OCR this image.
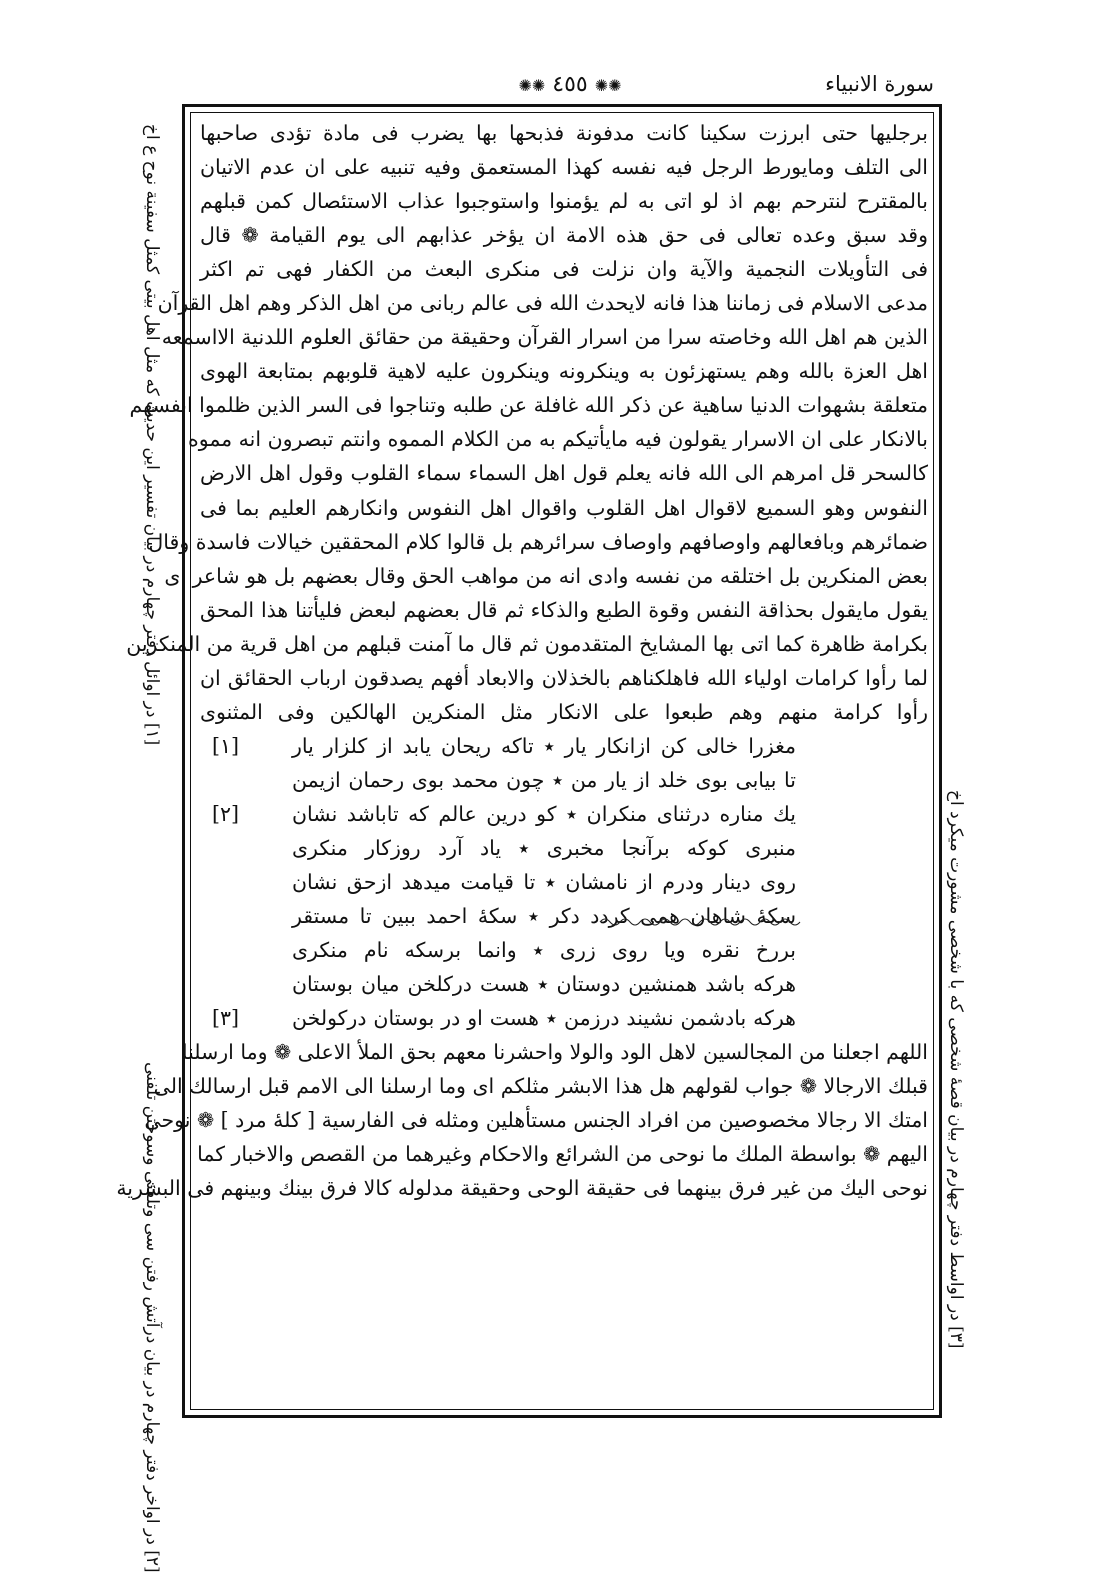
سورة الانبياء
✺✺ ٤٥٥ ✺✺
برجليها حتى ابرزت سكينا كانت مدفونة فذبحها بها يضرب فى مادة تؤدى صاحبها
الى التلف ومايورط الرجل فيه نفسه كهذا المستعمق وفيه تنبيه على ان عدم الاتيان
بالمقترح لنترحم بهم اذ لو اتى به لم يؤمنوا واستوجبوا عذاب الاستئصال كمن قبلهم
وقد سبق وعده تعالى فى حق هذه الامة ان يؤخر عذابهم الى يوم القيامة ❁ قال
فى التأويلات النجمية والآية وان نزلت فى منكرى البعث من الكفار فهى تم اكثر
مدعى الاسلام فى زماننا هذا فانه لايحدث الله فى عالم ربانى من اهل الذكر وهم اهل القرآن
الذين هم اهل الله وخاصته سرا من اسرار القرآن وحقيقة من حقائق العلوم اللدنية الااسمعه
اهل العزة بالله وهم يستهزئون به وينكرونه وينكرون عليه لاهية قلوبهم بمتابعة الهوى
متعلقة بشهوات الدنيا ساهية عن ذكر الله غافلة عن طلبه وتناجوا فى السر الذين ظلموا انفسهم
بالانكار على ان الاسرار يقولون فيه مايأتيكم به من الكلام المموه وانتم تبصرون انه مموه
كالسحر قل امرهم الى الله فانه يعلم قول اهل السماء سماء القلوب وقول اهل الارض
النفوس وهو السميع لاقوال اهل القلوب واقوال اهل النفوس وانكارهم العليم بما فى
ضمائرهم وبافعالهم واوصافهم واوصاف سرائرهم بل قالوا كلام المحققين خيالات فاسدة وقال
بعض المنكرين بل اختلقه من نفسه وادى انه من مواهب الحق وقال بعضهم بل هو شاعر اى
يقول مايقول بحذاقة النفس وقوة الطبع والذكاء ثم قال بعضهم لبعض فليأتنا هذا المحق
بكرامة ظاهرة كما اتى بها المشايخ المتقدمون ثم قال ما آمنت قبلهم من اهل قرية من المنكرين
لما رأوا كرامات اولياء الله فاهلكناهم بالخذلان والابعاد أفهم يصدقون ارباب الحقائق ان
رأوا كرامة منهم وهم طبعوا على الانكار مثل المنكرين الهالكين وفى المثنوى
مغزرا خالى كن ازانكار يار ٭ تاكه ريحان يابد از كلزار يار
[١]
تا بيابى بوى خلد از يار من ٭ چون محمد بوى رحمان ازيمن
يك مناره درثناى منكران ٭ كو درين عالم كه تاباشد نشان
[٢]
منبرى كوكه برآنجا مخبرى ٭ ياد آرد روزكار منكرى
روى دينار ودرم از نامشان ٭ تا قيامت ميدهد ازحق نشان
سكهٔ شاهان همى كردد دكر ٭ سكهٔ احمد ببين تا مستقر
بررخ نقره ويا روى زرى ٭ وانما برسكه نام منكرى
هركه باشد همنشين دوستان ٭ هست دركلخن ميان بوستان
هركه بادشمن نشيند درزمن ٭ هست او در بوستان دركولخن
[٣]
اللهم اجعلنا من المجالسين لاهل الود والولا واحشرنا معهم بحق الملأ الاعلى ❁ وما ارسلنا
قبلك الارجالا ❁ جواب لقولهم هل هذا الابشر مثلكم اى وما ارسلنا الى الامم قبل ارسالك الى
امتك الا رجالا مخصوصين من افراد الجنس مستأهلين ومثله فى الفارسية [ كلهٔ مرد ] ❁ نوحى
اليهم ❁ بواسطة الملك ما نوحى من الشرائع والاحكام وغيرهما من القصص والاخبار كما
نوحى اليك من غير فرق بينهما فى حقيقة الوحى وحقيقة مدلوله كالا فرق بينك وبينهم فى البشرية
[١] در اوائل دفتر چهارم در بيان تفسير اين حديث كه مثل اهل بيتى كمثل سفينة نوح ع اخ
[٢] در اواخر دفتر چهارم در بيان درآتش رفتن سى وتلفنى وسوختن تلفنى
[٣] در اواسط دفتر چهارم در بيان قصهٔ شخصى كه با شخصى مشورت ميكرد اخ
